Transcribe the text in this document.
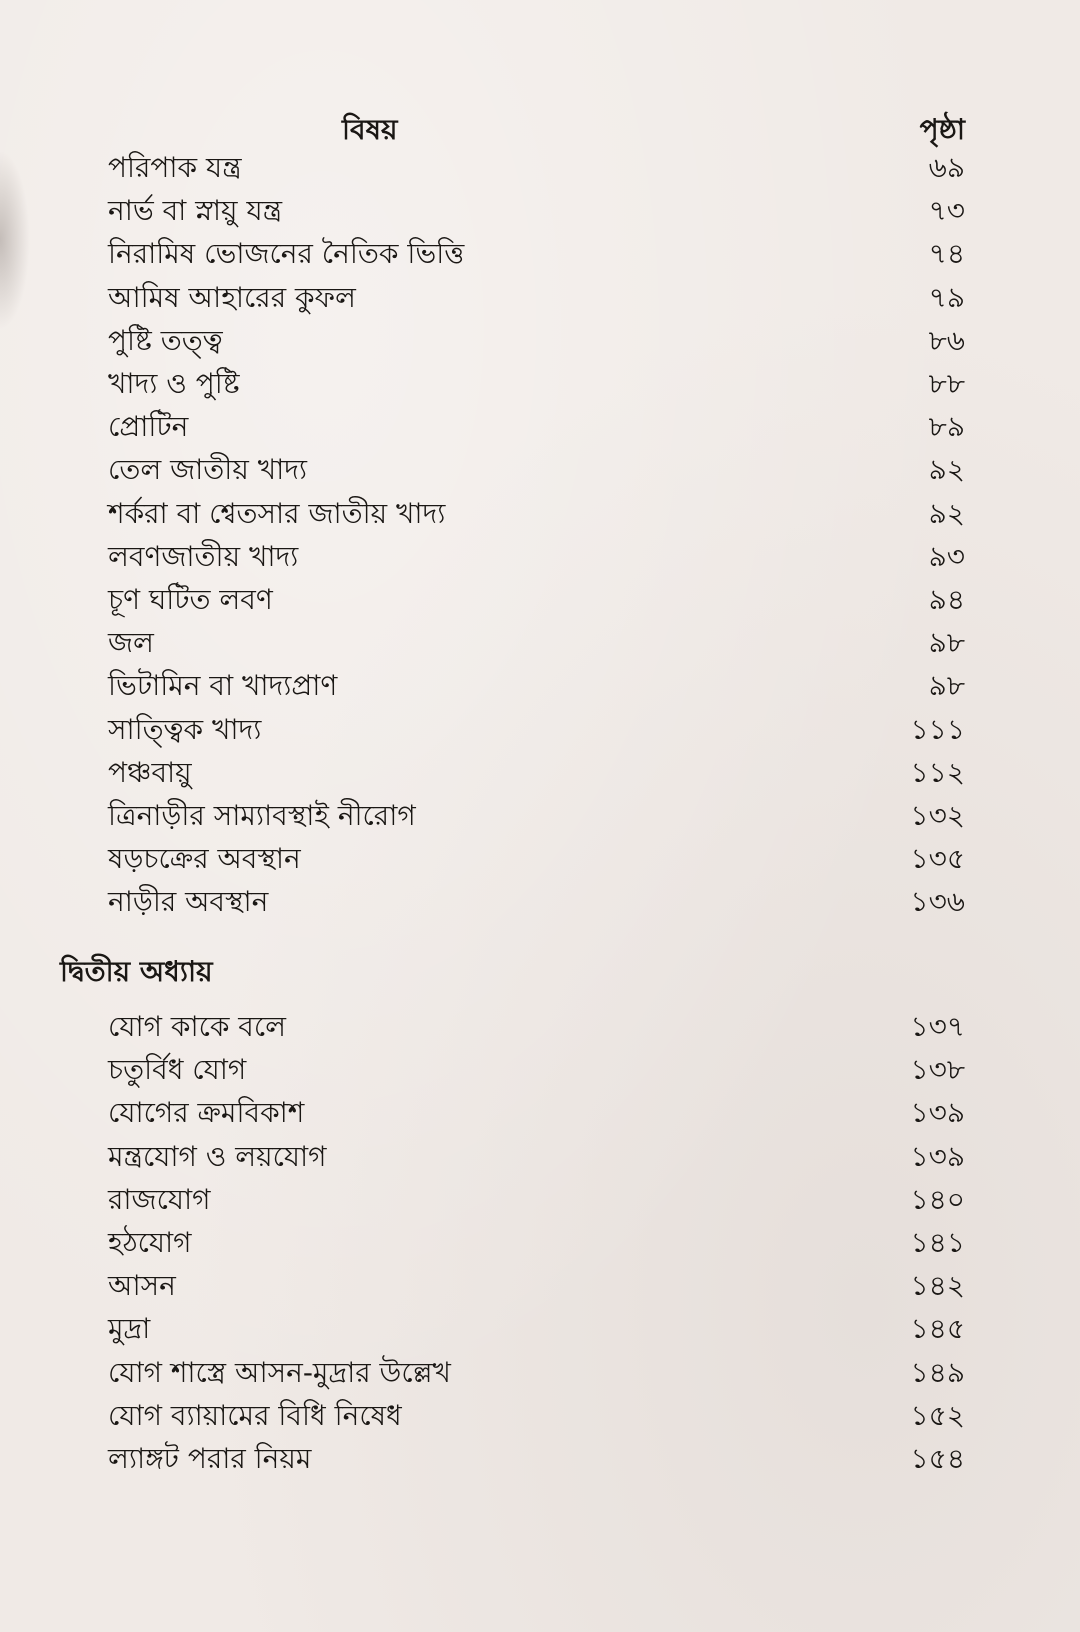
বিষয়	পৃষ্ঠা
পরিপাক যন্ত্র	৬৯
নার্ভ বা স্নায়ু যন্ত্র	৭৩
নিরামিষ ভোজনের নৈতিক ভিত্তি	৭৪
আমিষ আহারের কুফল	৭৯
পুষ্টি তত্ত্ব	৮৬
খাদ্য ও পুষ্টি	৮৮
প্রোটিন	৮৯
তেল জাতীয় খাদ্য	৯২
শর্করা বা শ্বেতসার জাতীয় খাদ্য	৯২
লবণজাতীয় খাদ্য	৯৩
চূণ ঘটিত লবণ	৯৪
জল	৯৮
ভিটামিন বা খাদ্যপ্রাণ	৯৮
সাত্ত্বিক খাদ্য	১১১
পঞ্চবায়ু	১১২
ত্রিনাড়ীর সাম্যাবস্থাই নীরোগ	১৩২
ষড়চক্রের অবস্থান	১৩৫
নাড়ীর অবস্থান	১৩৬
দ্বিতীয় অধ্যায়
যোগ কাকে বলে	১৩৭
চতুর্বিধ যোগ	১৩৮
যোগের ক্রমবিকাশ	১৩৯
মন্ত্রযোগ ও লয়যোগ	১৩৯
রাজযোগ	১৪০
হঠযোগ	১৪১
আসন	১৪২
মুদ্রা	১৪৫
যোগ শাস্ত্রে আসন-মুদ্রার উল্লেখ	১৪৯
যোগ ব্যায়ামের বিধি নিষেধ	১৫২
ল্যাঙ্গট পরার নিয়ম	১৫৪
